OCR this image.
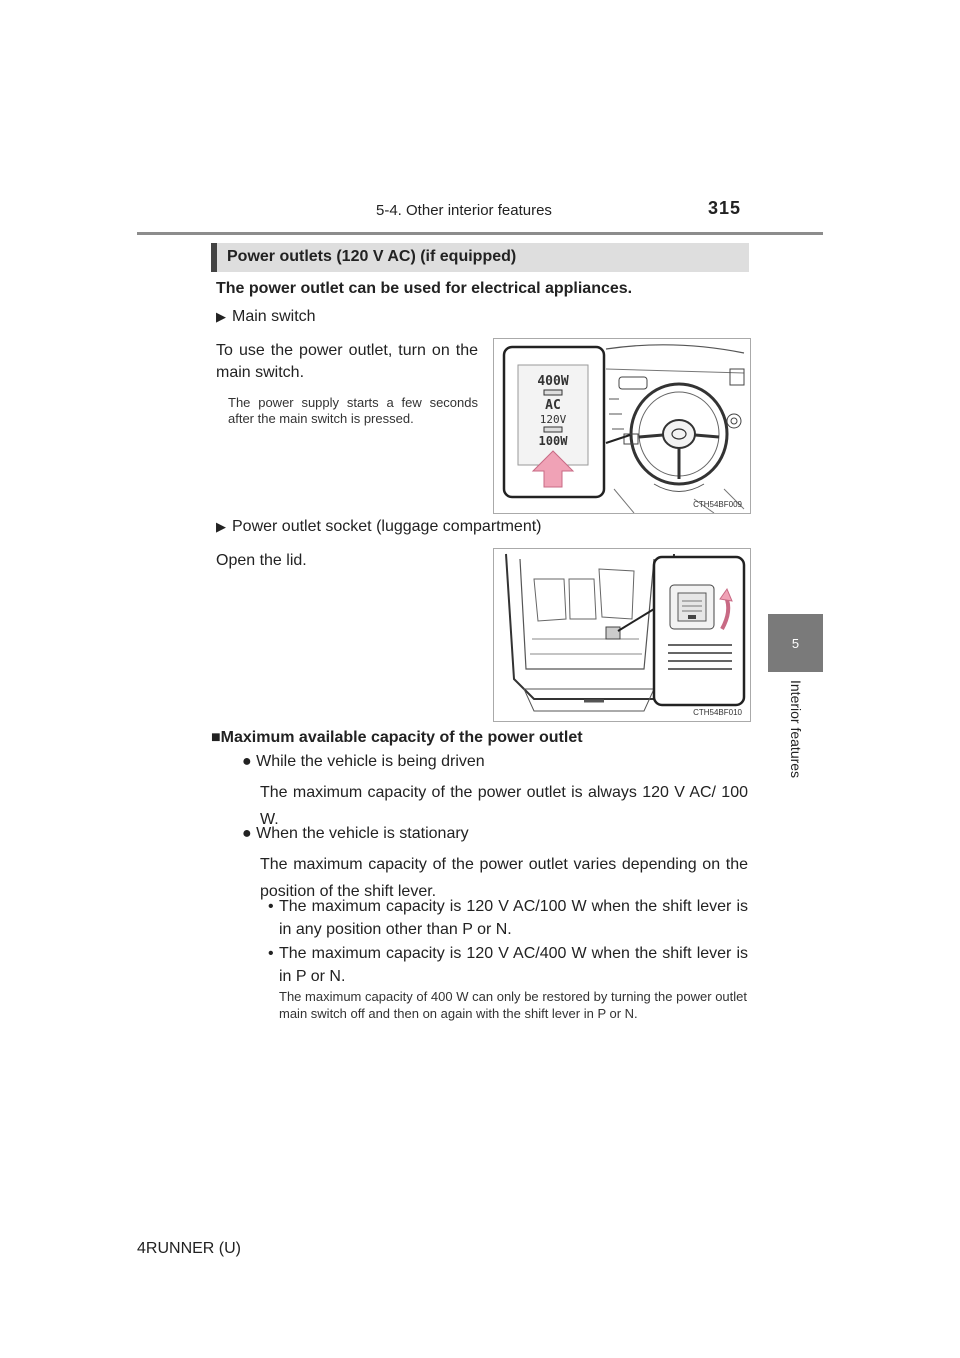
5-4. Other interior features	315
5
Interior features
Power outlets (120 V AC) (if equipped)
The power outlet can be used for electrical appliances.
▶ Main switch
To use the power outlet, turn on the main switch.
The power supply starts a few seconds after the main switch is pressed.
400W
AC
120V
100W
CTH54BF009
▶ Power outlet socket (luggage compartment)
Open the lid.
CTH54BF010
■Maximum available capacity of the power outlet
● While the vehicle is being driven
The maximum capacity of the power outlet is always 120 V AC/ 100 W.
● When the vehicle is stationary
The maximum capacity of the power outlet varies depending on the position of the shift lever.
• The maximum capacity is 120 V AC/100 W when the shift lever is in any position other than P or N.
• The maximum capacity is 120 V AC/400 W when the shift lever is in P or N.
The maximum capacity of 400 W can only be restored by turning the power outlet main switch off and then on again with the shift lever in P or N.
4RUNNER (U)
